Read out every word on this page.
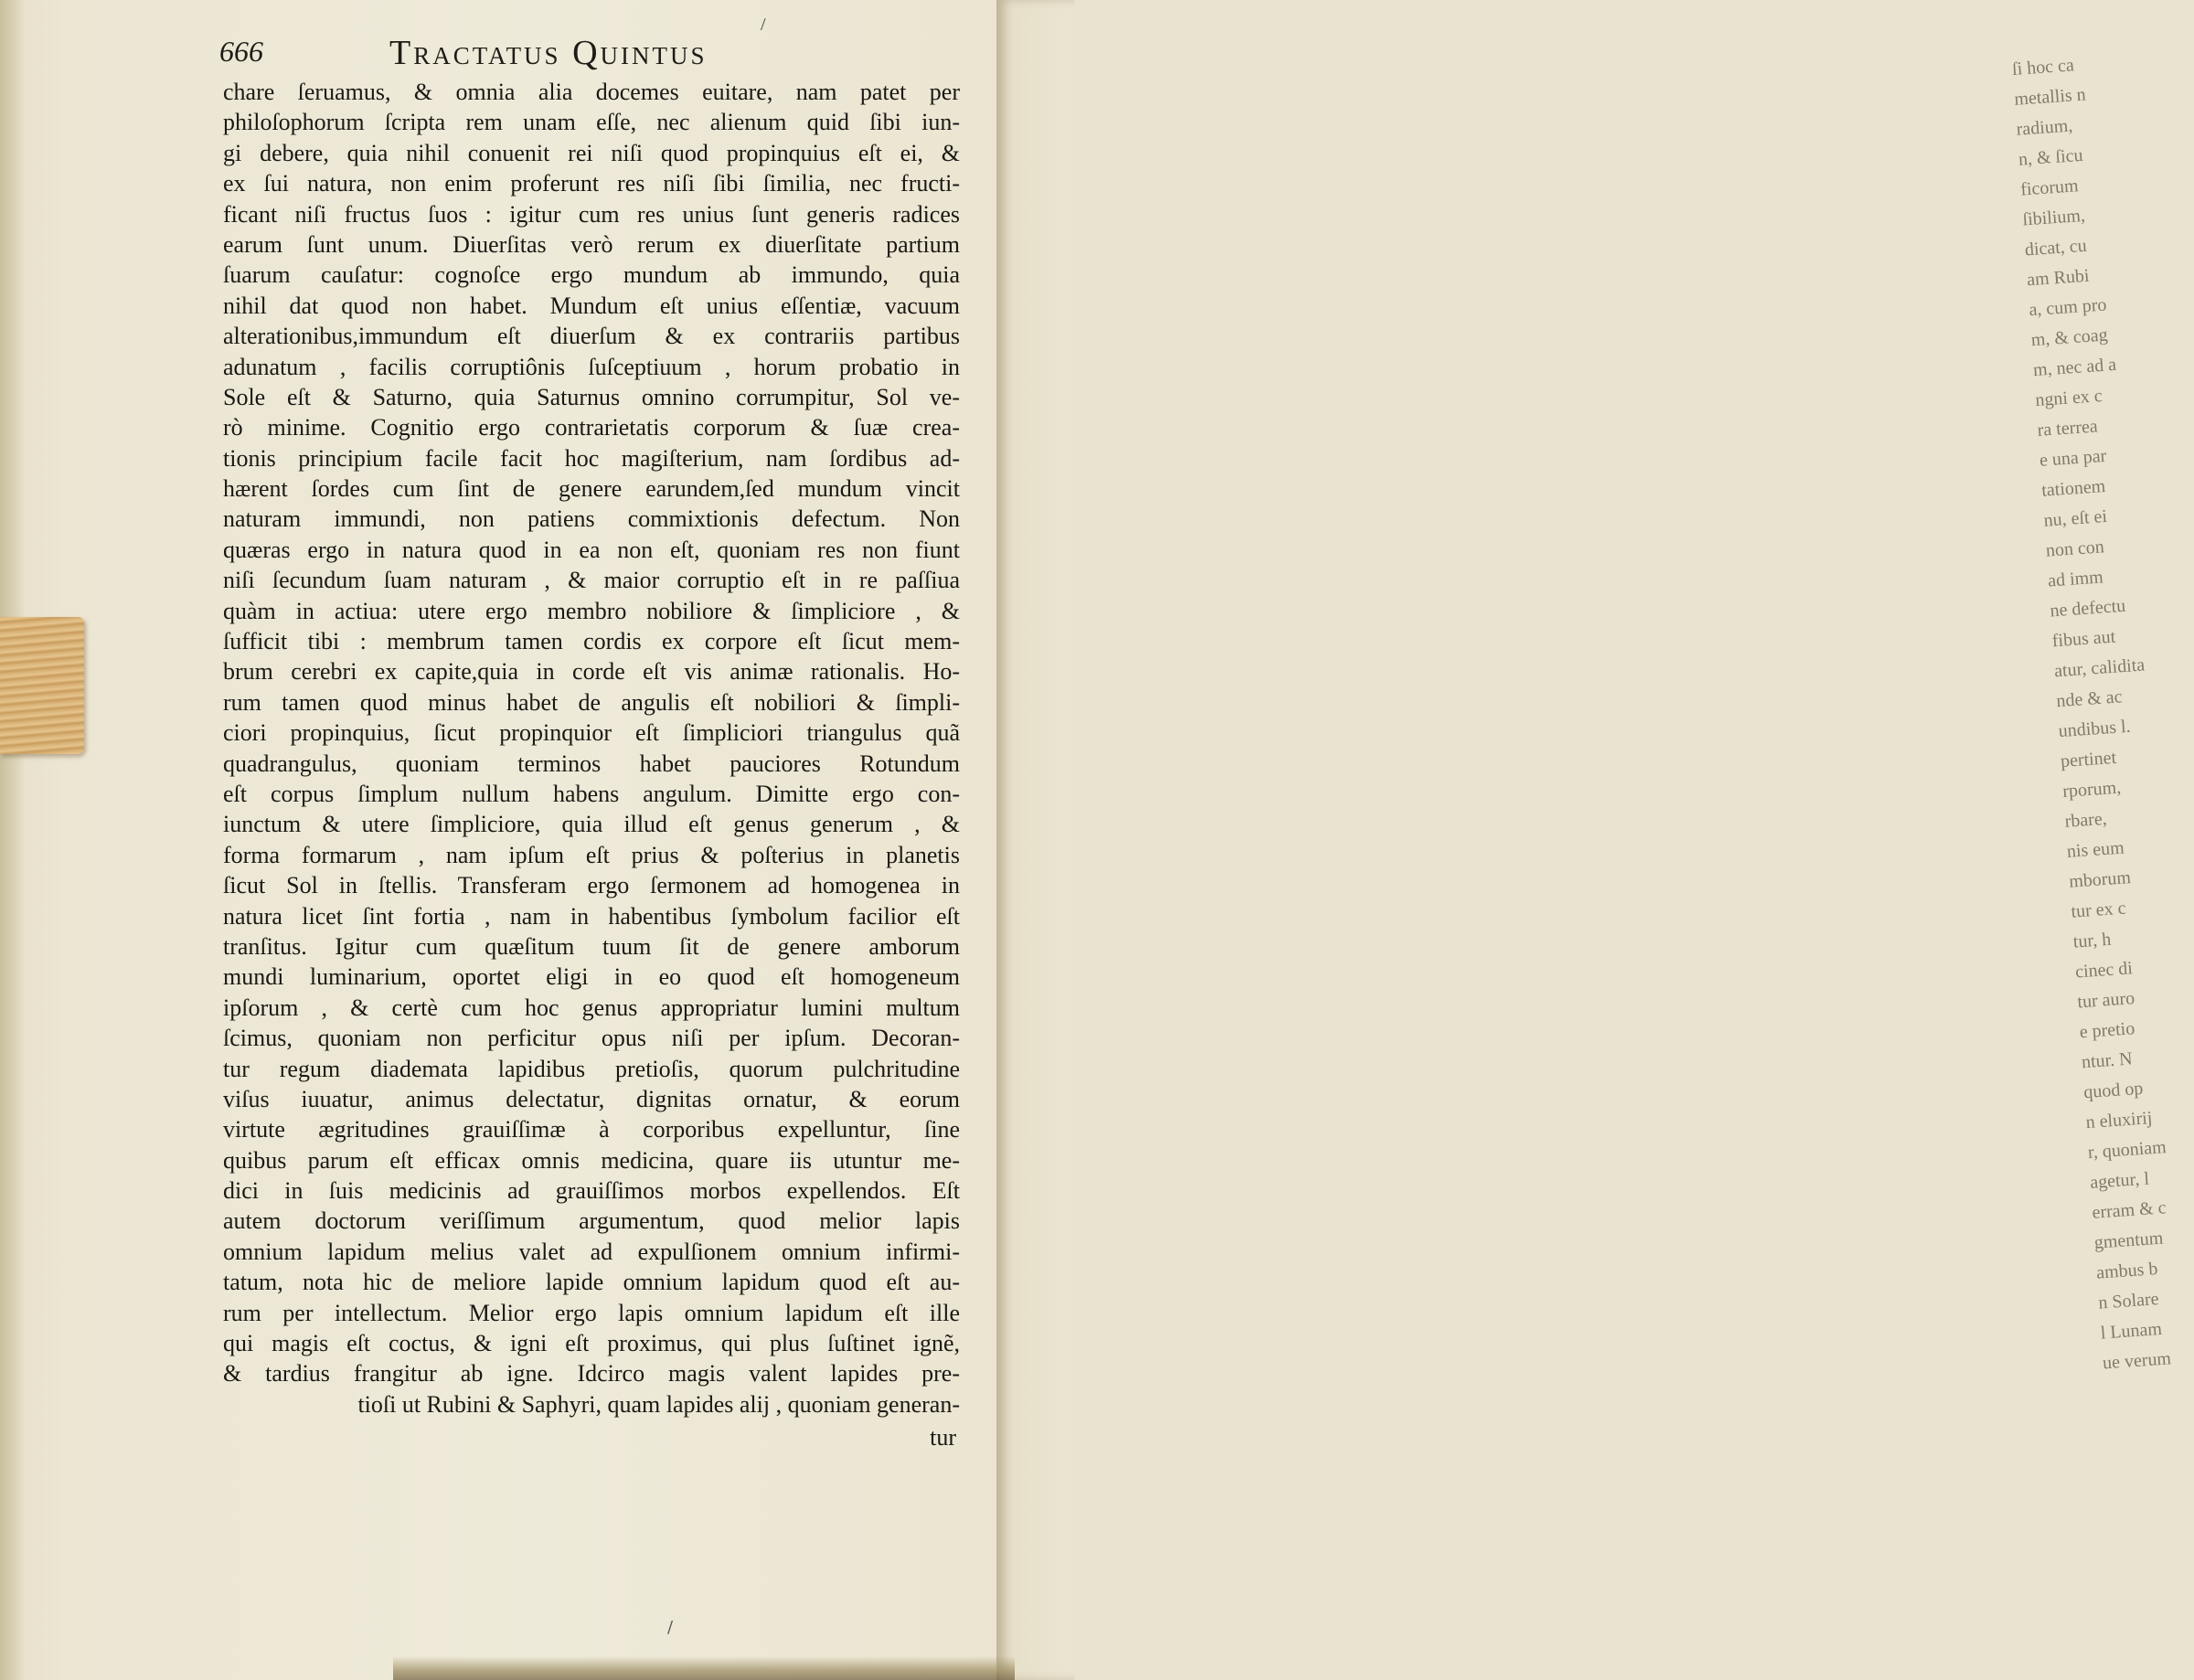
ſi hoc ca
metallis n
radium,
n, & ſicu
ficorum
ſibilium,
dicat, cu
am Rubi
a, cum pro
m, & coag
m, nec ad a
ngni ex c
ra terrea
e una par
tationem
nu, eſt ei
non con
ad imm
ne defectu
fibus aut
atur, calidita
nde & ac
undibus l.
pertinet
rporum,
rbare,
nis eum
mborum
tur ex c
tur, h
cinec di
tur auro
e pretio
ntur. N
quod op
n eluxirij
r, quoniam
agetur, l
erram & c
gmentum
ambus b
n Solare
l Lunam
ue verum
666	Tractatus Quintus
/
chare ſeruamus, & omnia alia docemes euitare, nam patet per
philoſophorum ſcripta rem unam eſſe, nec alienum quid ſibi iun-
gi debere, quia nihil conuenit rei niſi quod propinquius eſt ei, &
ex ſui natura, non enim proferunt res niſi ſibi ſimilia, nec fructi-
ficant niſi fructus ſuos : igitur cum res unius ſunt generis radices
earum ſunt unum. Diuerſitas verò rerum ex diuerſitate partium
ſuarum cauſatur: cognoſce ergo mundum ab immundo, quia
nihil dat quod non habet. Mundum eſt unius eſſentiæ, vacuum
alterationibus,immundum eſt diuerſum & ex contrariis partibus
adunatum , facilis corruptiônis ſuſceptiuum , horum probatio in
Sole eſt & Saturno, quia Saturnus omnino corrumpitur, Sol ve-
rò minime. Cognitio ergo contrarietatis corporum & ſuæ crea-
tionis principium facile facit hoc magiſterium, nam ſordibus ad-
hærent ſordes cum ſint de genere earundem,ſed mundum vincit
naturam immundi, non patiens commixtionis defectum. Non
quæras ergo in natura quod in ea non eſt, quoniam res non fiunt
niſi ſecundum ſuam naturam , & maior corruptio eſt in re paſſiua
quàm in actiua: utere ergo membro nobiliore & ſimpliciore , &
ſufficit tibi : membrum tamen cordis ex corpore eſt ſicut mem-
brum cerebri ex capite,quia in corde eſt vis animæ rationalis. Ho-
rum tamen quod minus habet de angulis eſt nobiliori & ſimpli-
ciori propinquius, ſicut propinquior eſt ſimpliciori triangulus quã
quadrangulus, quoniam terminos habet pauciores Rotundum
eſt corpus ſimplum nullum habens angulum. Dimitte ergo con-
iunctum & utere ſimpliciore, quia illud eſt genus generum , &
forma formarum , nam ipſum eſt prius & poſterius in planetis
ſicut Sol in ſtellis. Transferam ergo ſermonem ad homogenea in
natura licet ſint fortia , nam in habentibus ſymbolum facilior eſt
tranſitus. Igitur cum quæſitum tuum ſit de genere amborum
mundi luminarium, oportet eligi in eo quod eſt homogeneum
ipſorum , & certè cum hoc genus appropriatur lumini multum
ſcimus, quoniam non perficitur opus niſi per ipſum. Decoran-
tur regum diademata lapidibus pretioſis, quorum pulchritudine
viſus iuuatur, animus delectatur, dignitas ornatur, & eorum
virtute ægritudines grauiſſimæ à corporibus expelluntur, ſine
quibus parum eſt efficax omnis medicina, quare iis utuntur me-
dici in ſuis medicinis ad grauiſſimos morbos expellendos. Eſt
autem doctorum veriſſimum argumentum, quod melior lapis
omnium lapidum melius valet ad expulſionem omnium infirmi-
tatum, nota hic de meliore lapide omnium lapidum quod eſt au-
rum per intellectum. Melior ergo lapis omnium lapidum eſt ille
qui magis eſt coctus, & igni eſt proximus, qui plus ſuſtinet ignẽ,
& tardius frangitur ab igne. Idcirco magis valent lapides pre-
tioſi ut Rubini & Saphyri, quam lapides alij , quoniam generan-
tur
/
